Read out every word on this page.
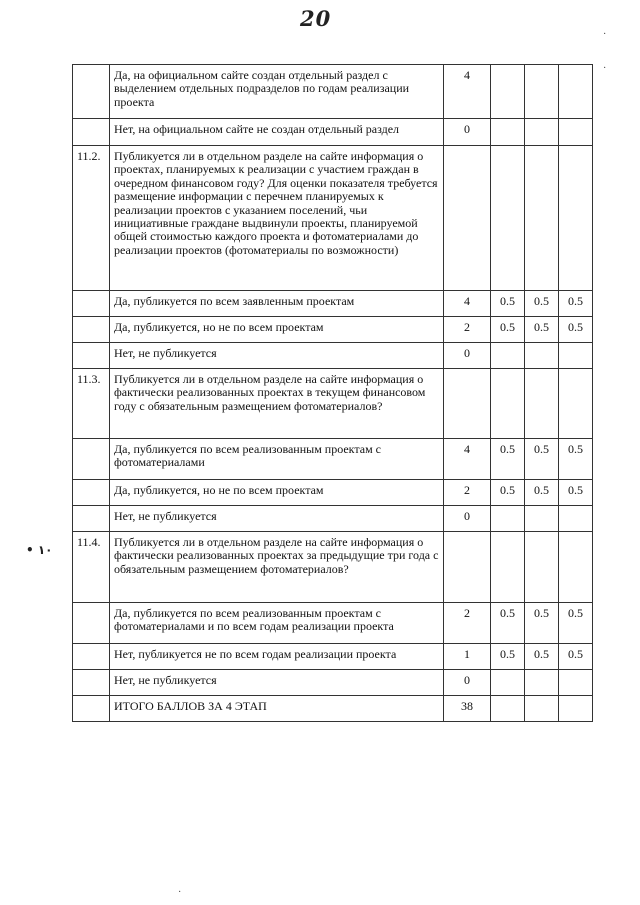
20
·
·
·
• ١٠
	Да, на официальном сайте создан отдельный раздел с выделением отдельных подразделов по годам реализации проекта	4			
	Нет, на официальном сайте не создан отдельный раздел	0			
11.2.	Публикуется ли в отдельном разделе на сайте информация о проектах, планируемых к реализации с участием граждан в очередном финансовом году? Для оценки показателя требуется размещение информации с перечнем планируемых к реализации проектов с указанием поселений, чьи инициативные граждане выдвинули проекты, планируемой общей стоимостью каждого проекта и фотоматериалами до реализации проектов (фотоматериалы по возможности)				
	Да, публикуется по всем заявленным проектам	4	0.5	0.5	0.5
	Да, публикуется, но не по всем проектам	2	0.5	0.5	0.5
	Нет, не публикуется	0			
11.3.	Публикуется ли в отдельном разделе на сайте информация о фактически реализованных проектах в текущем финансовом году с обязательным размещением фотоматериалов?				
	Да, публикуется по всем реализованным проектам с фотоматериалами	4	0.5	0.5	0.5
	Да, публикуется, но не по всем проектам	2	0.5	0.5	0.5
	Нет, не публикуется	0			
11.4.	Публикуется ли в отдельном разделе на сайте информация о фактически реализованных проектах за предыдущие три года с обязательным размещением фотоматериалов?				
	Да, публикуется по всем реализованным проектам с фотоматериалами и по всем годам реализации проекта	2	0.5	0.5	0.5
	Нет, публикуется не по всем годам реализации проекта	1	0.5	0.5	0.5
	Нет, не публикуется	0			
	ИТОГО БАЛЛОВ ЗА 4 ЭТАП	38			
